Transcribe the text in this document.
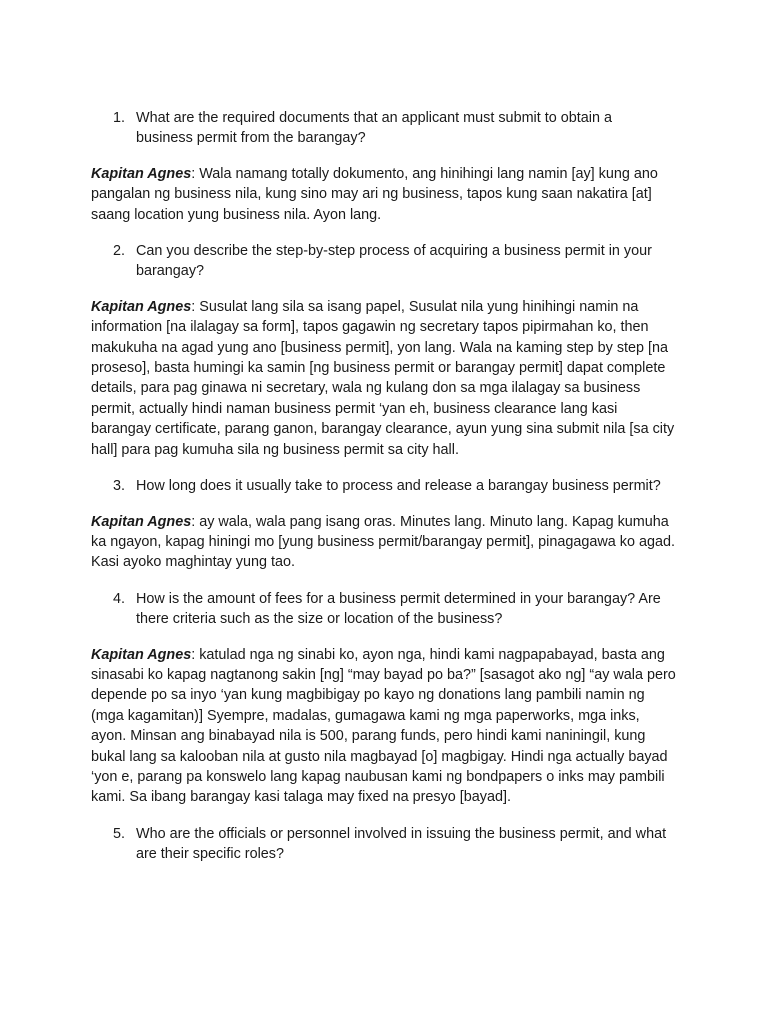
1. What are the required documents that an applicant must submit to obtain a business permit from the barangay?

Kapitan Agnes: Wala namang totally dokumento, ang hinihingi lang namin [ay] kung ano pangalan ng business nila, kung sino may ari ng business, tapos kung saan nakatira [at] saang location yung business nila. Ayon lang.

2. Can you describe the step-by-step process of acquiring a business permit in your barangay?

Kapitan Agnes: Susulat lang sila sa isang papel, Susulat nila yung hinihingi namin na information [na ilalagay sa form], tapos gagawin ng secretary tapos pipirmahan ko, then makukuha na agad yung ano [business permit], yon lang. Wala na kaming step by step [na proseso], basta humingi ka samin [ng business permit or barangay permit] dapat complete details, para pag ginawa ni secretary, wala ng kulang don sa mga ilalagay sa business permit, actually hindi naman business permit ‘yan eh, business clearance lang kasi barangay certificate, parang ganon, barangay clearance, ayun yung sina submit nila [sa city hall] para pag kumuha sila ng business permit sa city hall.

3. How long does it usually take to process and release a barangay business permit?

Kapitan Agnes: ay wala, wala pang isang oras. Minutes lang. Minuto lang. Kapag kumuha ka ngayon, kapag hiningi mo [yung business permit/barangay permit], pinagagawa ko agad. Kasi ayoko maghintay yung tao.

4. How is the amount of fees for a business permit determined in your barangay? Are there criteria such as the size or location of the business?

Kapitan Agnes: katulad nga ng sinabi ko, ayon nga, hindi kami nagpapabayad, basta ang sinasabi ko kapag nagtanong sakin [ng] “may bayad po ba?” [sasagot ako ng] “ay wala pero depende po sa inyo ‘yan kung magbibigay po kayo ng donations lang pambili namin ng (mga kagamitan)] Syempre, madalas, gumagawa kami ng mga paperworks, mga inks, ayon. Minsan ang binabayad nila is 500, parang funds, pero hindi kami naniningil, kung bukal lang sa kalooban nila at gusto nila magbayad [o] magbigay. Hindi nga actually bayad ‘yon e, parang pa konswelo lang kapag naubusan kami ng bondpapers o inks may pambili kami. Sa ibang barangay kasi talaga may fixed na presyo [bayad].

5. Who are the officials or personnel involved in issuing the business permit, and what are their specific roles?
